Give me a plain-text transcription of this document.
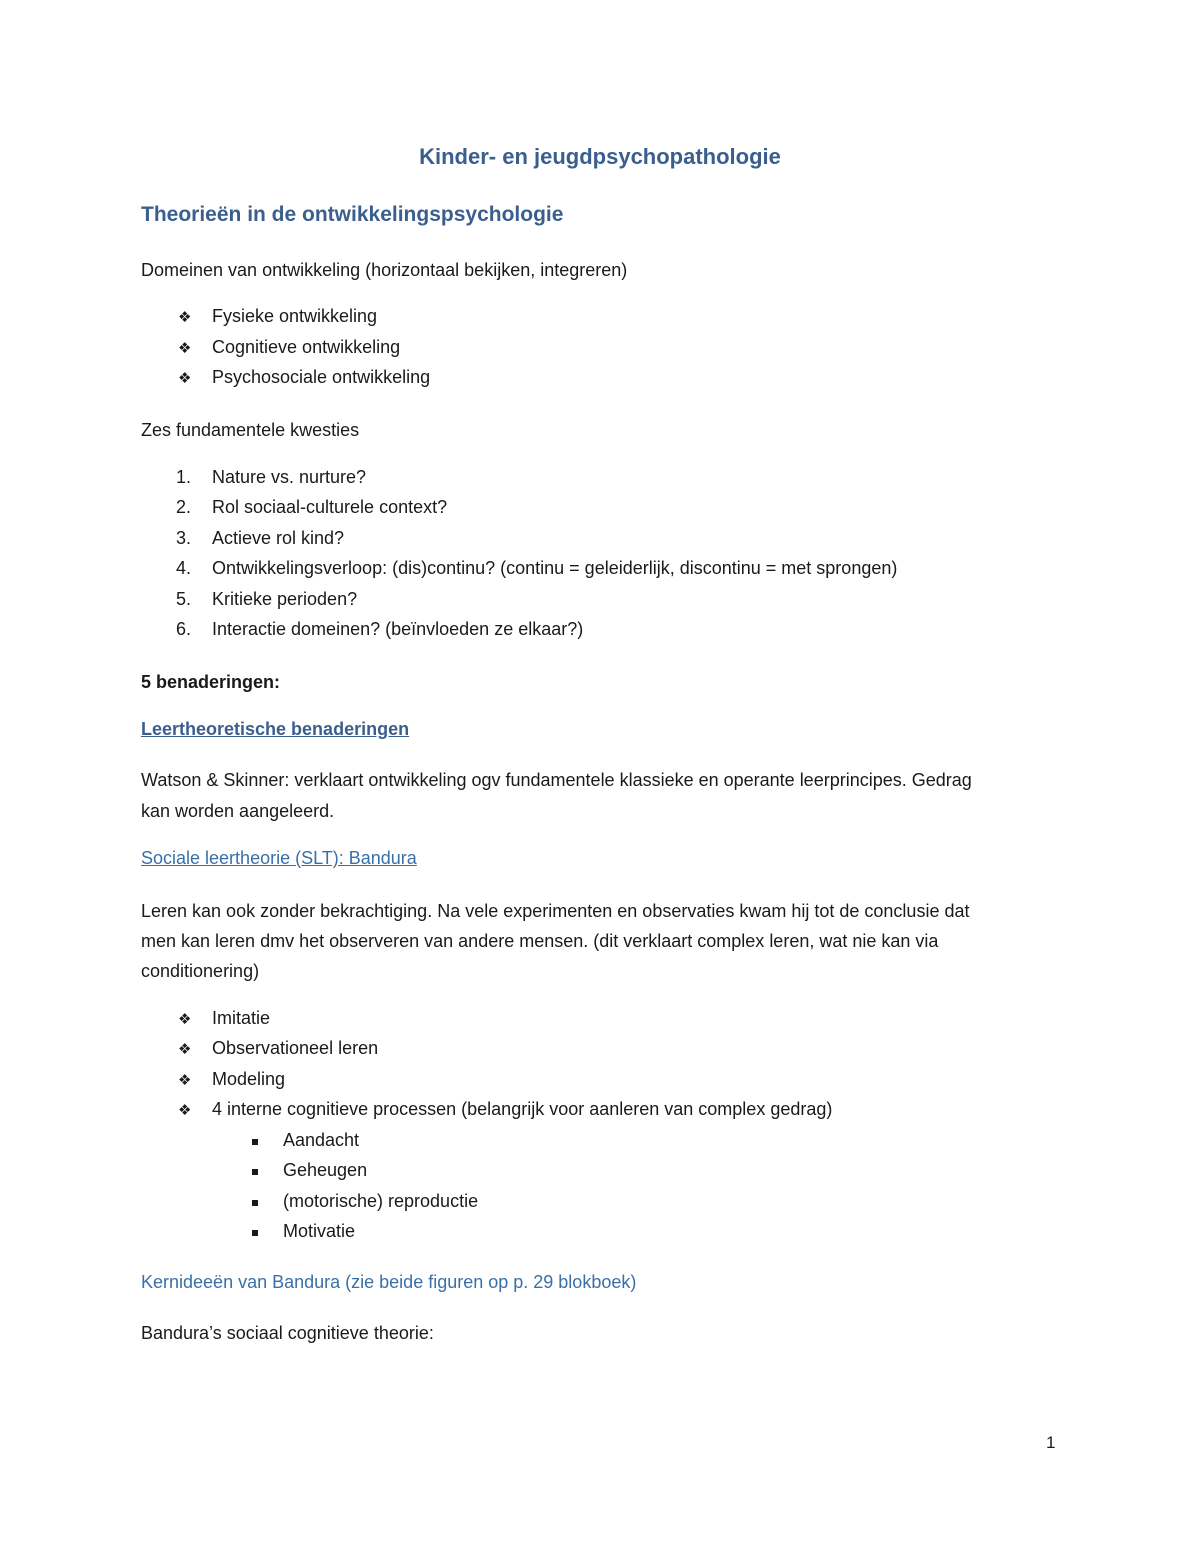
Kinder- en jeugdpsychopathologie
Theorieën in de ontwikkelingspsychologie
Domeinen van ontwikkeling (horizontaal bekijken, integreren)
❖ Fysieke ontwikkeling
❖ Cognitieve ontwikkeling
❖ Psychosociale ontwikkeling
Zes fundamentele kwesties
1. Nature vs. nurture?
2. Rol sociaal-culturele context?
3. Actieve rol kind?
4. Ontwikkelingsverloop: (dis)continu? (continu = geleiderlijk, discontinu = met sprongen)
5. Kritieke perioden?
6. Interactie domeinen? (beïnvloeden ze elkaar?)
5 benaderingen:
Leertheoretische benaderingen
Watson & Skinner: verklaart ontwikkeling ogv fundamentele klassieke en operante leerprincipes. Gedrag
kan worden aangeleerd.
Sociale leertheorie (SLT): Bandura
Leren kan ook zonder bekrachtiging. Na vele experimenten en observaties kwam hij tot de conclusie dat
men kan leren dmv het observeren van andere mensen. (dit verklaart complex leren, wat nie kan via
conditionering)
❖ Imitatie
❖ Observationeel leren
❖ Modeling
❖ 4 interne cognitieve processen (belangrijk voor aanleren van complex gedrag)
Aandacht
Geheugen
(motorische) reproductie
Motivatie
Kernideeën van Bandura (zie beide figuren op p. 29 blokboek)
Bandura’s sociaal cognitieve theorie:
1
